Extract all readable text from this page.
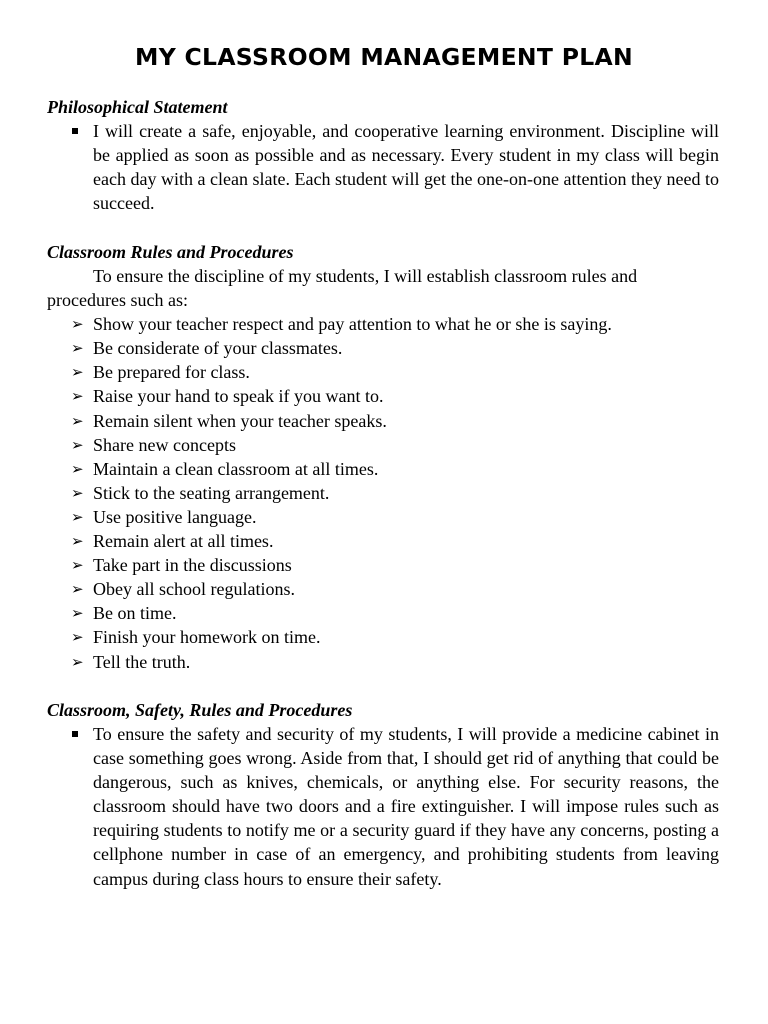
MY CLASSROOM MANAGEMENT PLAN

Philosophical Statement

I will create a safe, enjoyable, and cooperative learning environment. Discipline will be applied as soon as possible and as necessary. Every student in my class will begin each day with a clean slate. Each student will get the one-on-one attention they need to succeed.

Classroom Rules and Procedures

To ensure the discipline of my students, I will establish classroom rules and procedures such as:

➢ Show your teacher respect and pay attention to what he or she is saying.
➢ Be considerate of your classmates.
➢ Be prepared for class.
➢ Raise your hand to speak if you want to.
➢ Remain silent when your teacher speaks.
➢ Share new concepts
➢ Maintain a clean classroom at all times.
➢ Stick to the seating arrangement.
➢ Use positive language.
➢ Remain alert at all times.
➢ Take part in the discussions
➢ Obey all school regulations.
➢ Be on time.
➢ Finish your homework on time.
➢ Tell the truth.

Classroom, Safety, Rules and Procedures

To ensure the safety and security of my students, I will provide a medicine cabinet in case something goes wrong. Aside from that, I should get rid of anything that could be dangerous, such as knives, chemicals, or anything else. For security reasons, the classroom should have two doors and a fire extinguisher. I will impose rules such as requiring students to notify me or a security guard if they have any concerns, posting a cellphone number in case of an emergency, and prohibiting students from leaving campus during class hours to ensure their safety.
